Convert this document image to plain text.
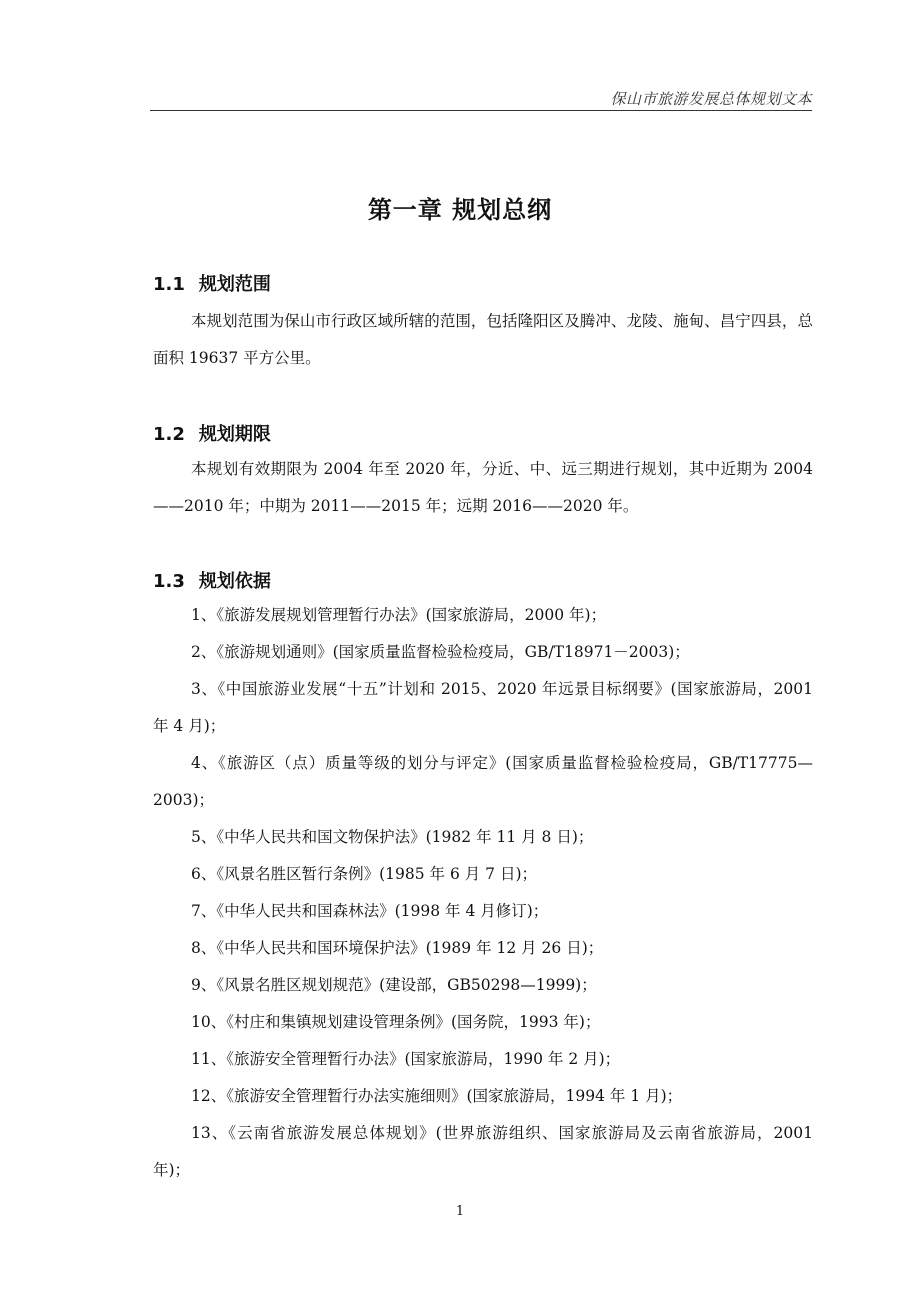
保山市旅游发展总体规划文本
第一章 规划总纲
1.1 规划范围

本规划范围为保山市行政区域所辖的范围，包括隆阳区及腾冲、龙陵、施甸、昌宁四县，总面积 19637 平方公里。

1.2 规划期限

本规划有效期限为 2004 年至 2020 年，分近、中、远三期进行规划，其中近期为 2004——2010 年；中期为 2011——2015 年；远期 2016——2020 年。

1.3 规划依据
1、《旅游发展规划管理暂行办法》(国家旅游局，2000 年)；
2、《旅游规划通则》(国家质量监督检验检疫局，GB/T18971－2003)；
3、《中国旅游业发展“十五”计划和 2015、2020 年远景目标纲要》(国家旅游局，2001 年 4 月)；
4、《旅游区（点）质量等级的划分与评定》(国家质量监督检验检疫局，GB/T17775—2003)；
5、《中华人民共和国文物保护法》(1982 年 11 月 8 日)；
6、《风景名胜区暂行条例》(1985 年 6 月 7 日)；
7、《中华人民共和国森林法》(1998 年 4 月修订)；
8、《中华人民共和国环境保护法》(1989 年 12 月 26 日)；
9、《风景名胜区规划规范》(建设部，GB50298—1999)；
10、《村庄和集镇规划建设管理条例》(国务院，1993 年)；
11、《旅游安全管理暂行办法》(国家旅游局，1990 年 2 月)；
12、《旅游安全管理暂行办法实施细则》(国家旅游局，1994 年 1 月)；
13、《云南省旅游发展总体规划》(世界旅游组织、国家旅游局及云南省旅游局，2001 年)；
1
